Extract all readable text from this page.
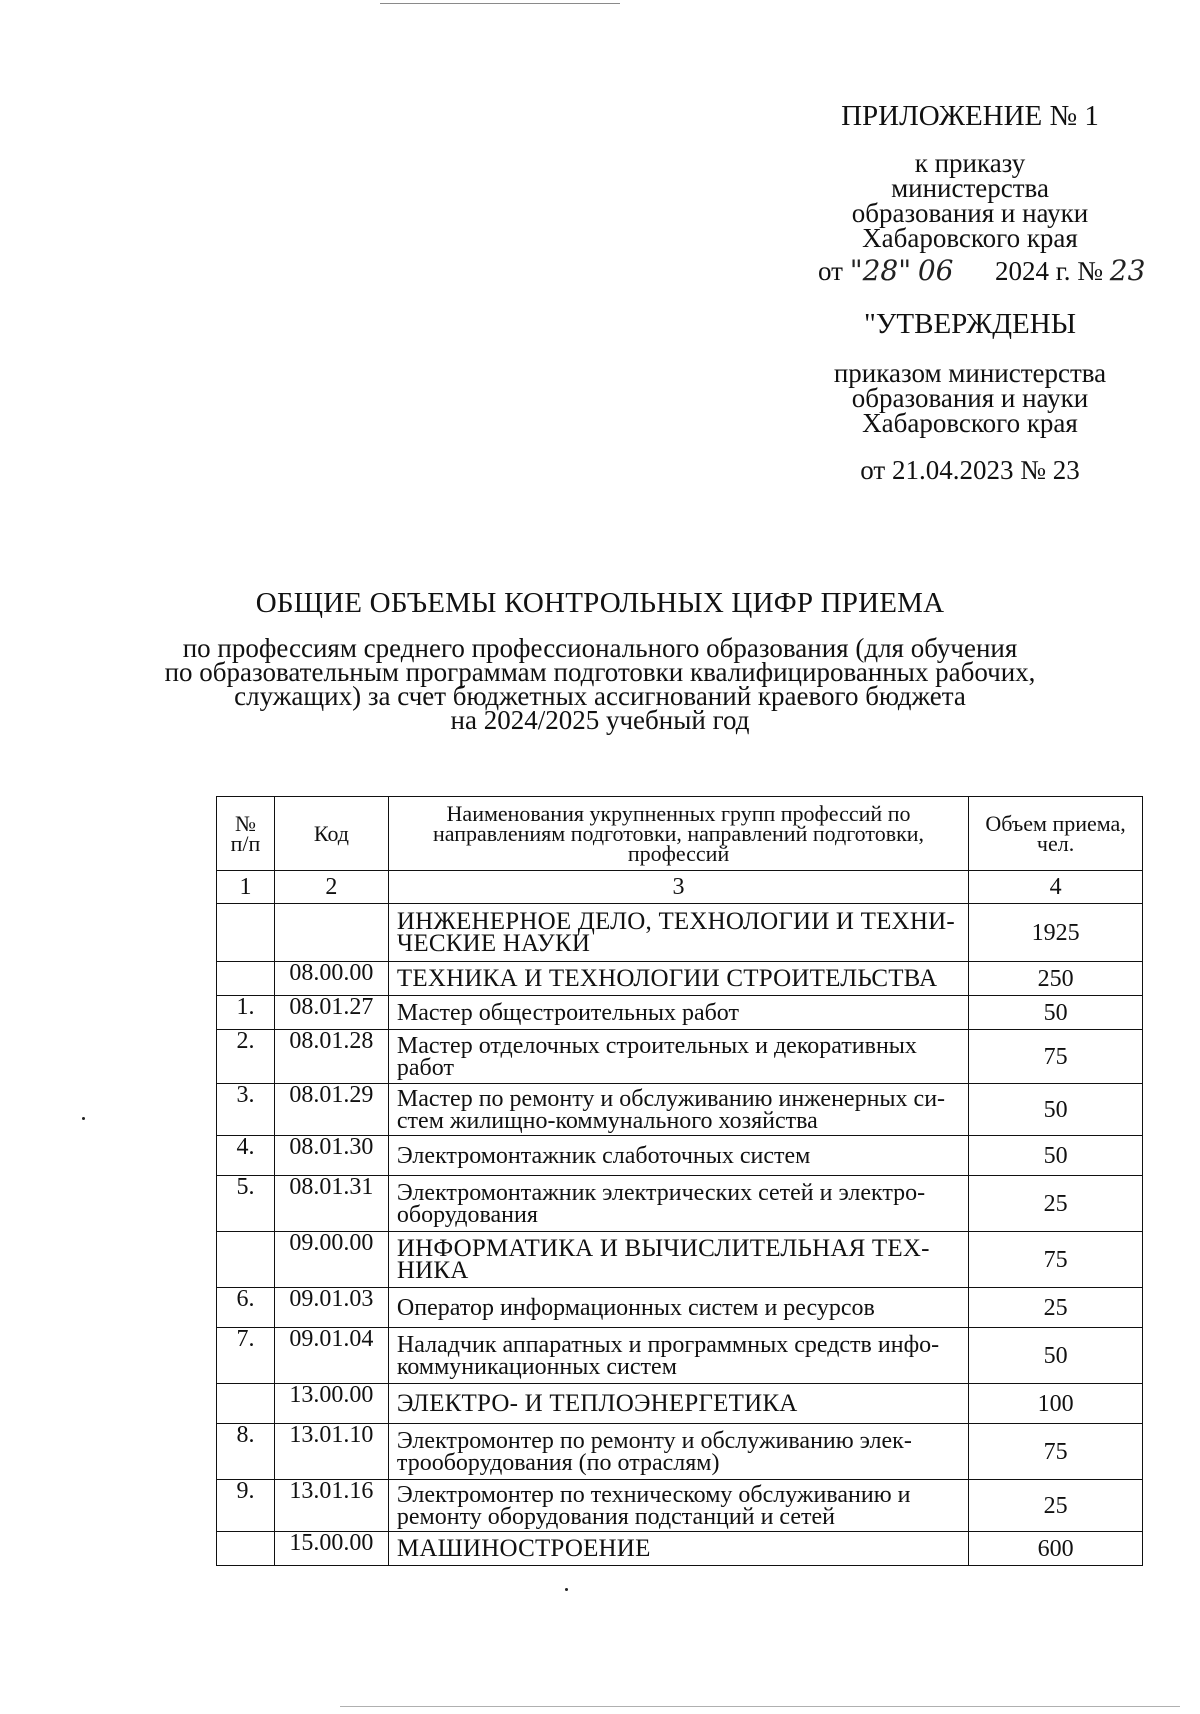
ПРИЛОЖЕНИЕ № 1
к приказу
министерства
образования и науки
Хабаровского края
от "28" 06 2024 г. № 23
"УТВЕРЖДЕНЫ
приказом министерства
образования и науки
Хабаровского края
от 21.04.2023 № 23
ОБЩИЕ ОБЪЕМЫ КОНТРОЛЬНЫХ ЦИФР ПРИЕМА

по профессиям среднего профессионального образования (для обучения

по образовательным программам подготовки квалифицированных рабочих,

служащих) за счет бюджетных ассигнований краевого бюджета

на 2024/2025 учебный год

№ п/п	Код	Наименования укрупненных групп профессий по направлениям подготовки, направлений подготовки, профессий	Объем приема, чел.
1	2	3	4
		ИНЖЕНЕРНОЕ ДЕЛО, ТЕХНОЛОГИИ И ТЕХНИ-ЧЕСКИЕ НАУКИ	1925
	08.00.00	ТЕХНИКА И ТЕХНОЛОГИИ СТРОИТЕЛЬСТВА	250
1.	08.01.27	Мастер общестроительных работ	50
2.	08.01.28	Мастер отделочных строительных и декоративных работ	75
3.	08.01.29	Мастер по ремонту и обслуживанию инженерных си-стем жилищно-коммунального хозяйства	50
4.	08.01.30	Электромонтажник слаботочных систем	50
5.	08.01.31	Электромонтажник электрических сетей и электро-оборудования	25
	09.00.00	ИНФОРМАТИКА И ВЫЧИСЛИТЕЛЬНАЯ ТЕХ-НИКА	75
6.	09.01.03	Оператор информационных систем и ресурсов	25
7.	09.01.04	Наладчик аппаратных и программных средств инфо-коммуникационных систем	50
	13.00.00	ЭЛЕКТРО- И ТЕПЛОЭНЕРГЕТИКА	100
8.	13.01.10	Электромонтер по ремонту и обслуживанию элек-трооборудования (по отраслям)	75
9.	13.01.16	Электромонтер по техническому обслуживанию и ремонту оборудования подстанций и сетей	25
	15.00.00	МАШИНОСТРОЕНИЕ	600
